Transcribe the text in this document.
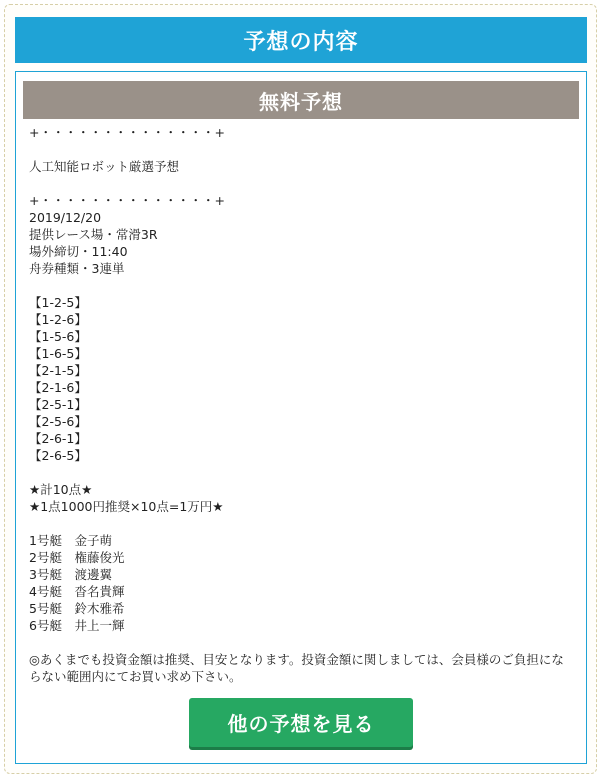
予想の内容
無料予想
+・・・・・・・・・・・・・・+
人工知能ロボット厳選予想
+・・・・・・・・・・・・・・+
2019/12/20
提供レース場・常滑3R
場外締切・11:40
舟券種類・3連単
【1-2-5】
【1-2-6】
【1-5-6】
【1-6-5】
【2-1-5】
【2-1-6】
【2-5-1】
【2-5-6】
【2-6-1】
【2-6-5】
★計10点★
★1点1000円推奨×10点=1万円★
1号艇　金子萌
2号艇　権藤俊光
3号艇　渡邊翼
4号艇　沓名貴輝
5号艇　鈴木雅希
6号艇　井上一輝
◎あくまでも投資金額は推奨、目安となります。投資金額に関しましては、会員様のご負担にならない範囲内にてお買い求め下さい。
他の予想を見る
